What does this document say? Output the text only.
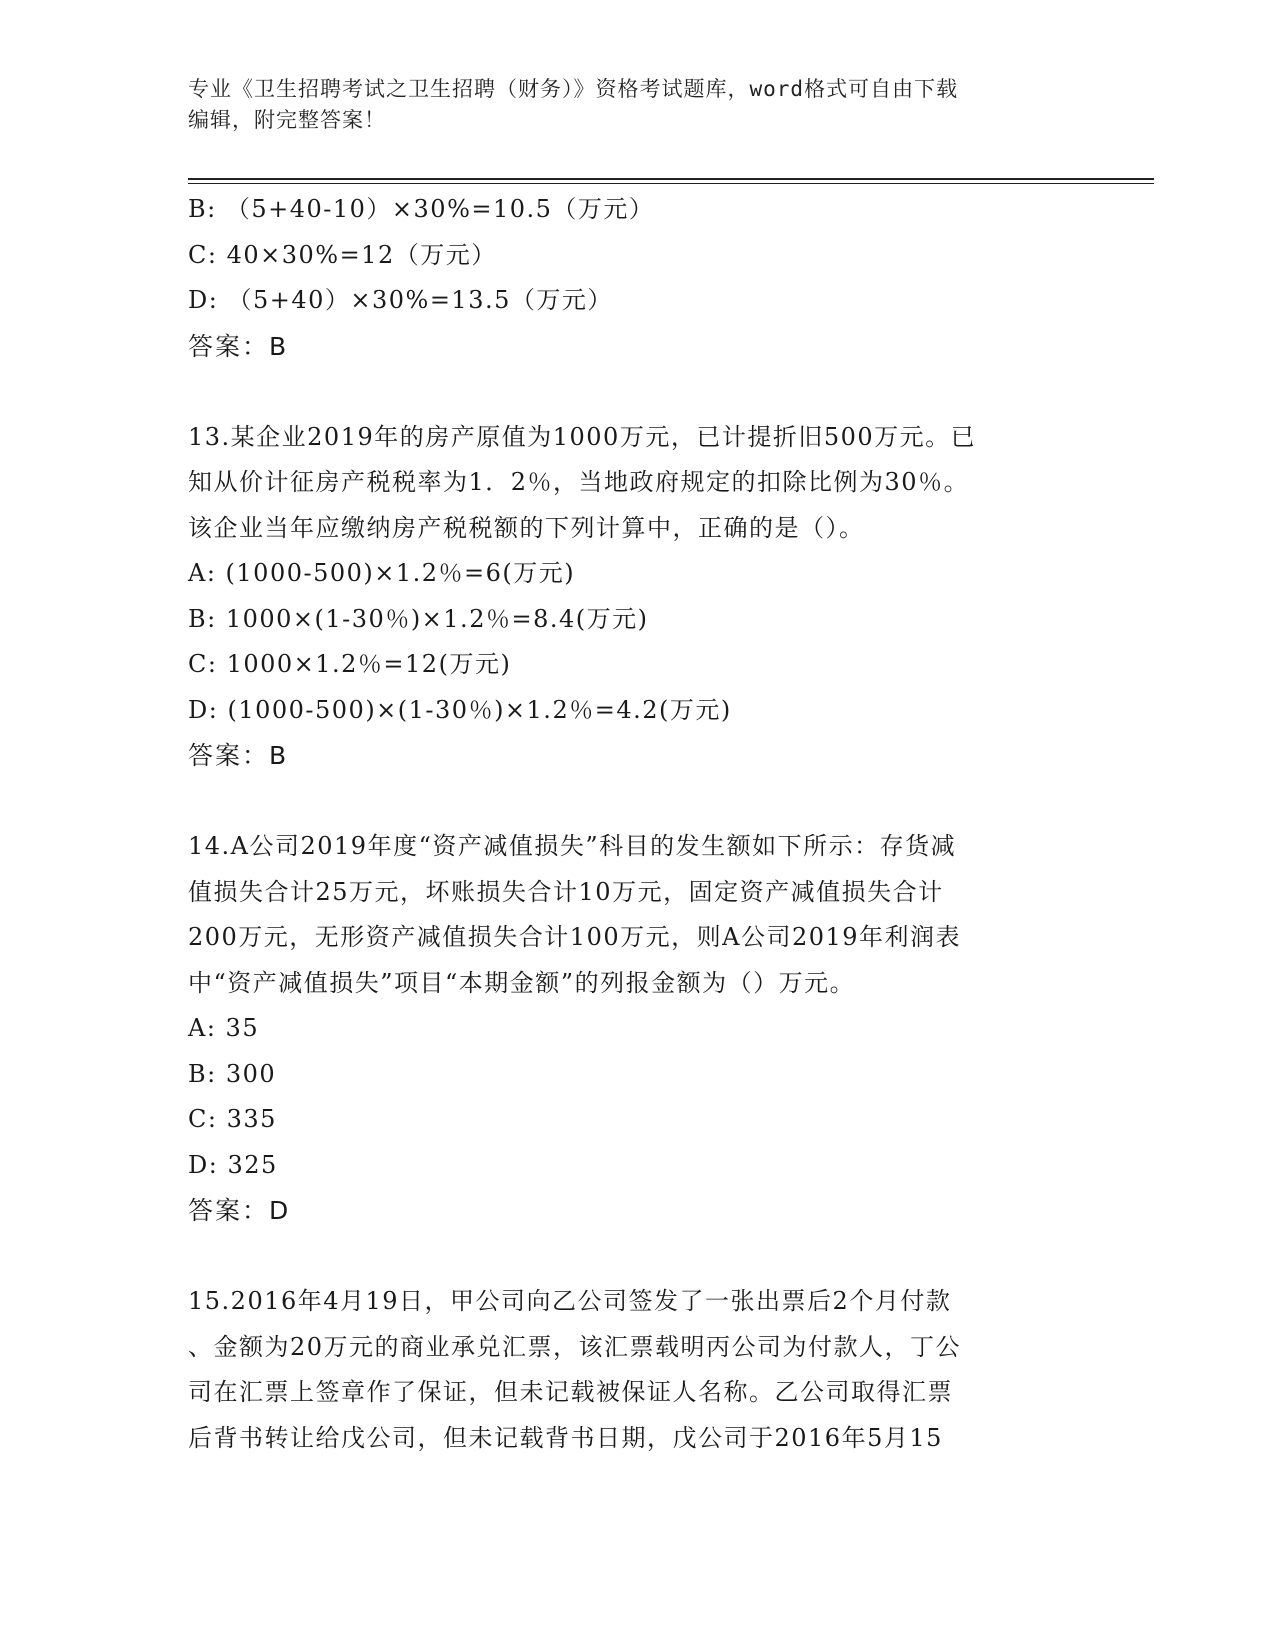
专业《卫生招聘考试之卫生招聘（财务）》资格考试题库，word格式可自由下载
编辑，附完整答案！
B: （5+40-10）×30%=10.5（万元）
C: 40×30%=12（万元）
D: （5+40）×30%=13.5（万元）
答案：B
13.某企业2019年的房产原值为1000万元，已计提折旧500万元。已
知从价计征房产税税率为1．2％，当地政府规定的扣除比例为30％。
该企业当年应缴纳房产税税额的下列计算中，正确的是（）。
A: (1000-500)×1.2％=6(万元)
B: 1000×(1-30％)×1.2％=8.4(万元)
C: 1000×1.2％=12(万元)
D: (1000-500)×(1-30％)×1.2％=4.2(万元)
答案：B
14.A公司2019年度“资产减值损失”科目的发生额如下所示：存货减
值损失合计25万元，坏账损失合计10万元，固定资产减值损失合计
200万元，无形资产减值损失合计100万元，则A公司2019年利润表
中“资产减值损失”项目“本期金额”的列报金额为（）万元。
A: 35
B: 300
C: 335
D: 325
答案：D
15.2016年4月19日，甲公司向乙公司签发了一张出票后2个月付款
、金额为20万元的商业承兑汇票，该汇票载明丙公司为付款人，丁公
司在汇票上签章作了保证，但未记载被保证人名称。乙公司取得汇票
后背书转让给戊公司，但未记载背书日期，戊公司于2016年5月15
